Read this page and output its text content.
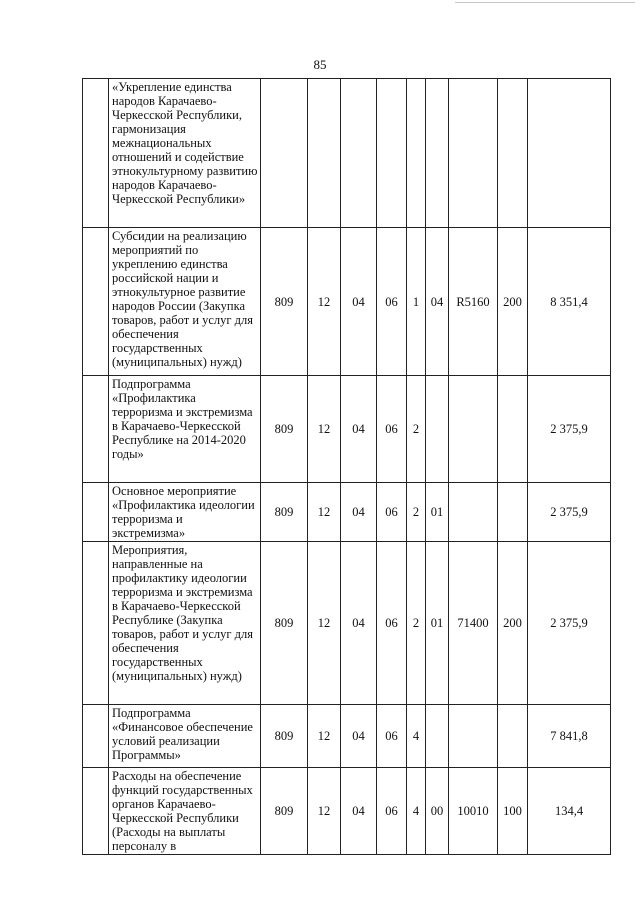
85
	«Укрепление единства народов Карачаево-Черкесской Республики, гармонизация межнациональных отношений и содействие этнокультурному развитию народов Карачаево-Черкесской Республики»									
	Субсидии на реализацию мероприятий по укреплению единства российской нации и этнокультурное развитие народов России (Закупка товаров, работ и услуг для обеспечения государственных (муниципальных) нужд)	809	12	04	06	1	04	R5160	200	8 351,4
	Подпрограмма «Профилактика терроризма и экстремизма в Карачаево-Черкесской Республике на 2014-2020 годы»	809	12	04	06	2				2 375,9
	Основное мероприятие «Профилактика идеологии терроризма и экстремизма»	809	12	04	06	2	01			2 375,9
	Мероприятия, направленные на профилактику идеологии терроризма и экстремизма в Карачаево-Черкесской Республике (Закупка товаров, работ и услуг для обеспечения государственных (муниципальных) нужд)	809	12	04	06	2	01	71400	200	2 375,9
	Подпрограмма «Финансовое обеспечение условий реализации Программы»	809	12	04	06	4				7 841,8
	Расходы на обеспечение функций государственных органов Карачаево-Черкесской Республики (Расходы на выплаты персоналу в	809	12	04	06	4	00	10010	100	134,4
